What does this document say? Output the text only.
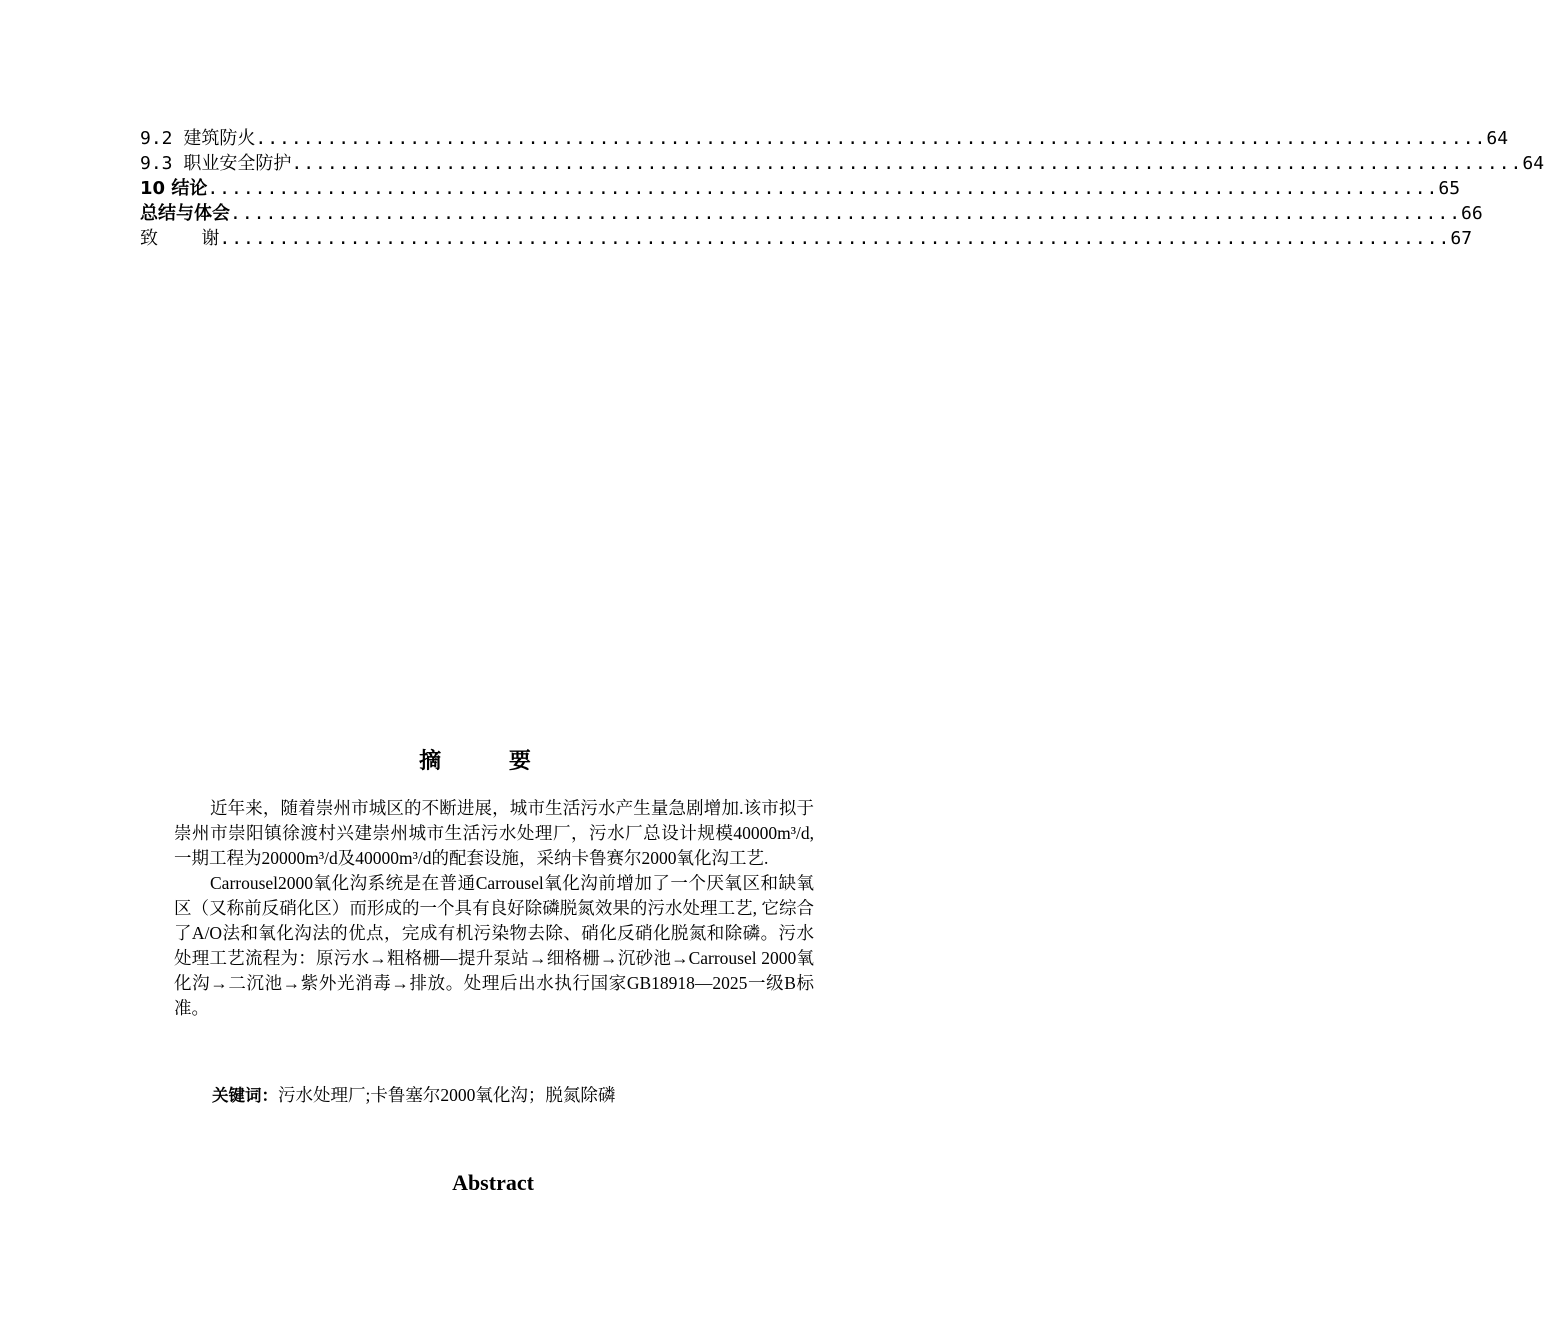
9.2 建筑防火 ........................................................................................................ 64
9.3 职业安全防护 ........................................................................................................ 64
10 结论 ........................................................................................................ 65
总结与体会 ........................................................................................................ 66
致    谢 ........................................................................................................ 67
摘 要

近年来，随着崇州市城区的不断进展，城市生活污水产生量急剧增加.该市拟于崇州市崇阳镇徐渡村兴建崇州城市生活污水处理厂，污水厂总设计规模40000m³/d, 一期工程为20000m³/d及40000m³/d的配套设施，采纳卡鲁赛尔2000氧化沟工艺.

Carrousel2000氧化沟系统是在普通Carrousel氧化沟前增加了一个厌氧区和缺氧区（又称前反硝化区）而形成的一个具有良好除磷脱氮效果的污水处理工艺, 它综合了A/O法和氧化沟法的优点，完成有机污染物去除、硝化反硝化脱氮和除磷。污水处理工艺流程为：原污水→粗格栅—提升泵站→细格栅→沉砂池→Carrousel 2000氧化沟→二沉池→紫外光消毒→排放。处理后出水执行国家GB18918—2025一级B标准。

关键词：污水处理厂;卡鲁塞尔2000氧化沟；脱氮除磷
Abstract
